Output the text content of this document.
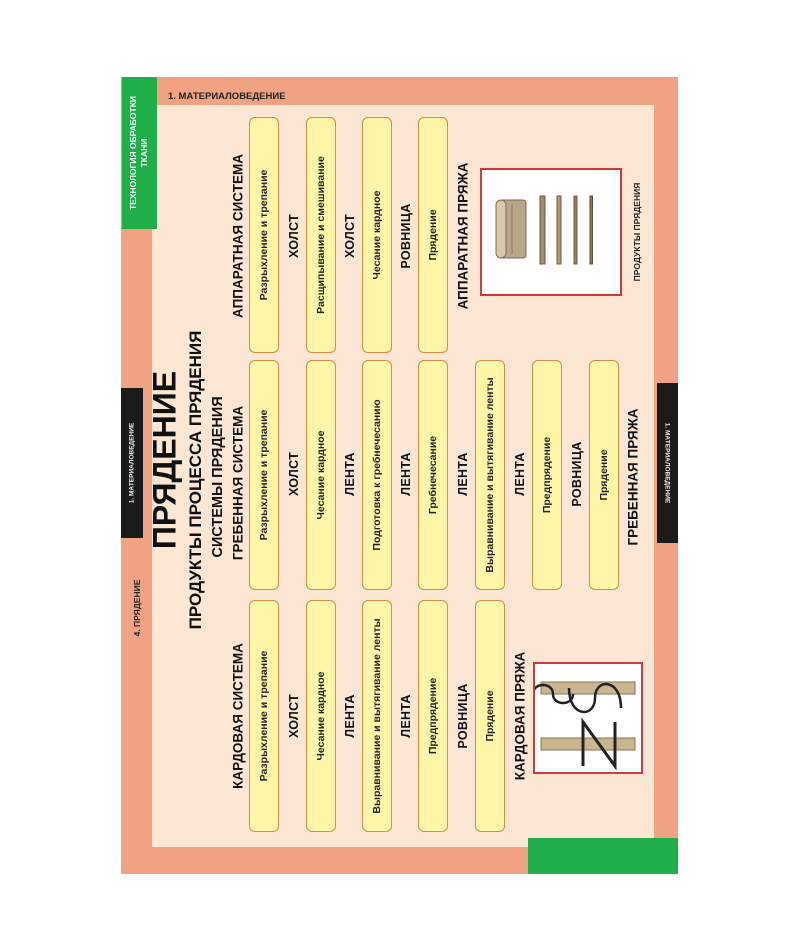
1. МАТЕРИАЛОВЕДЕНИЕ
ТЕХНОЛОГИЯ ОБРАБОТКИ ТКАНИ
1. МАТЕРИАЛОВЕДЕНИЕ
4. ПРЯДЕНИЕ
1. МАТЕРИАЛОВЕДЕНИЕ
ПРЯДЕНИЕ ПРОДУКТЫ ПРОЦЕССА ПРЯДЕНИЯ СИСТЕМЫ ПРЯДЕНИЯ
АППАРАТНАЯ СИСТЕМА Разрыхление и трепание ХОЛСТ Расщипывание и смешивание ХОЛСТ Чесание кардное РОВНИЦА Прядение АППАРАТНАЯ ПРЯЖА	ПРОДУКТЫ ПРЯДЕНИЯ
ГРЕБЕННАЯ СИСТЕМА Разрыхление и трепание ХОЛСТ Чесание кардное ЛЕНТА Подготовка к гребнечесанию ЛЕНТА Гребнечесание ЛЕНТА Выравнивание и вытягивание ленты ЛЕНТА Предпрядение РОВНИЦА Прядение ГРЕБЕННАЯ ПРЯЖА
КАРДОВАЯ СИСТЕМА Разрыхление и трепание ХОЛСТ Чесание кардное ЛЕНТА Выравнивание и вытягивание ленты ЛЕНТА Предпрядение РОВНИЦА Прядение КАРДОВАЯ ПРЯЖА
